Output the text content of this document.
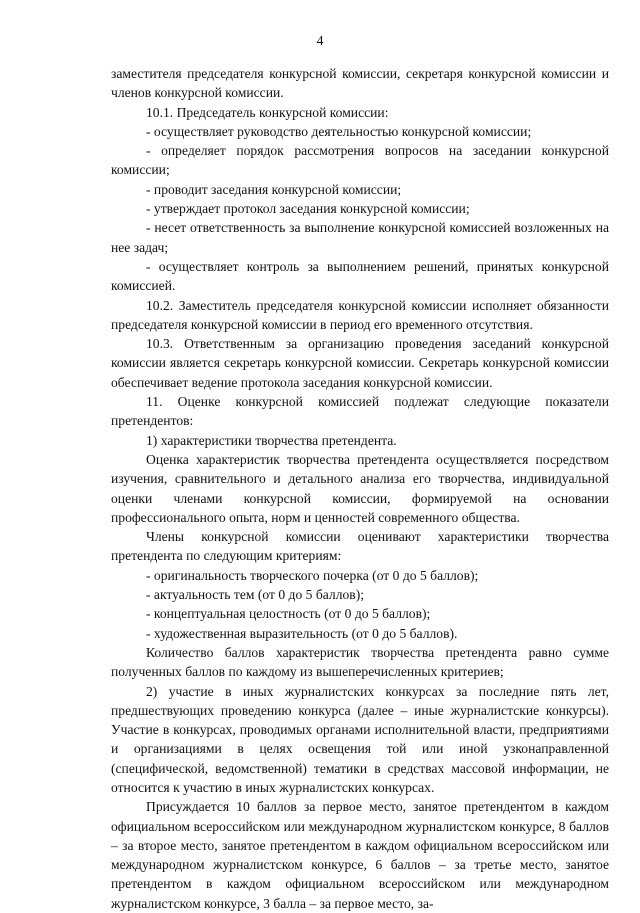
4

заместителя председателя конкурсной комиссии, секретаря конкурсной комиссии и членов конкурсной комиссии.

10.1. Председатель конкурсной комиссии:

- осуществляет руководство деятельностью конкурсной комиссии;

- определяет порядок рассмотрения вопросов на заседании конкурсной комиссии;

- проводит заседания конкурсной комиссии;

- утверждает протокол заседания конкурсной комиссии;

- несет ответственность за выполнение конкурсной комиссией возложенных на нее задач;

- осуществляет контроль за выполнением решений, принятых конкурсной комиссией.

10.2. Заместитель председателя конкурсной комиссии исполняет обязанности председателя конкурсной комиссии в период его временного отсутствия.

10.3. Ответственным за организацию проведения заседаний конкурсной комиссии является секретарь конкурсной комиссии. Секретарь конкурсной комиссии обеспечивает ведение протокола заседания конкурсной комиссии.

11. Оценке конкурсной комиссией подлежат следующие показатели претендентов:

1) характеристики творчества претендента.

Оценка характеристик творчества претендента осуществляется посредством изучения, сравнительного и детального анализа его творчества, индивидуальной оценки членами конкурсной комиссии, формируемой на основании профессионального опыта, норм и ценностей современного общества.

Члены конкурсной комиссии оценивают характеристики творчества претендента по следующим критериям:

- оригинальность творческого почерка (от 0 до 5 баллов);

- актуальность тем (от 0 до 5 баллов);

- концептуальная целостность (от 0 до 5 баллов);

- художественная выразительность (от 0 до 5 баллов).

Количество баллов характеристик творчества претендента равно сумме полученных баллов по каждому из вышеперечисленных критериев;

2) участие в иных журналистских конкурсах за последние пять лет, предшествующих проведению конкурса (далее – иные журналистские конкурсы). Участие в конкурсах, проводимых органами исполнительной власти, предприятиями и организациями в целях освещения той или иной узконаправленной (специфической, ведомственной) тематики в средствах массовой информации, не относится к участию в иных журналистских конкурсах.

Присуждается 10 баллов за первое место, занятое претендентом в каждом официальном всероссийском или международном журналистском конкурсе, 8 баллов – за второе место, занятое претендентом в каждом официальном всероссийском или международном журналистском конкурсе, 6 баллов – за третье место, занятое претендентом в каждом официальном всероссийском или международном журналистском конкурсе, 3 балла – за первое место, за-
